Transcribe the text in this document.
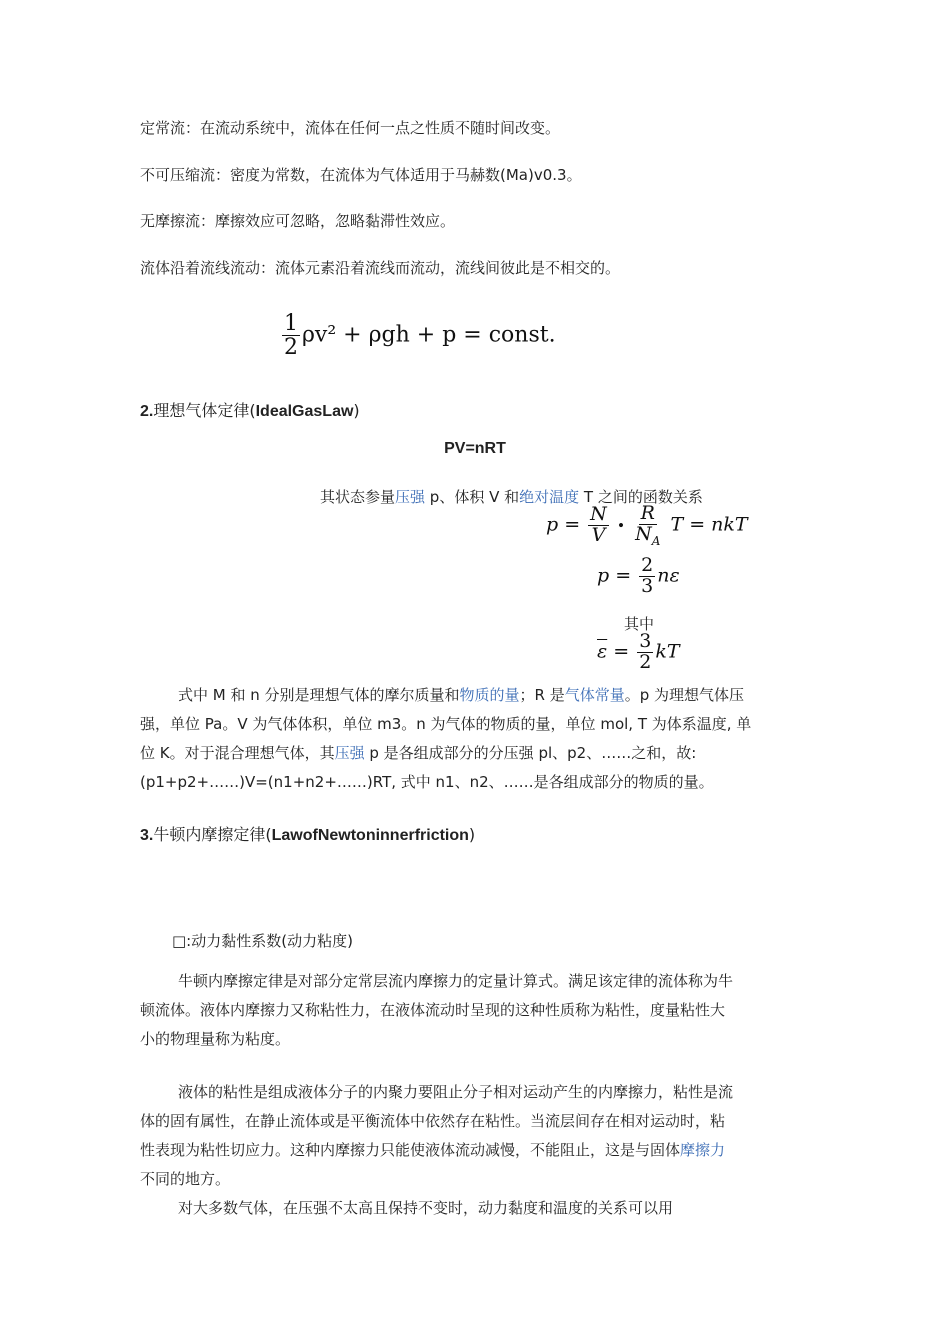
定常流：在流动系统中，流体在任何一点之性质不随时间改变。
不可压缩流：密度为常数，在流体为气体适用于马赫数(Ma)v0.3。
无摩擦流：摩擦效应可忽略，忽略黏滞性效应。
流体沿着流线流动：流体元素沿着流线而流动，流线间彼此是不相交的。
$\frac{1}{2} \rho v^2 + \rho gh + p$ = const.
2.理想气体定律(IdealGasLaw)
PV=nRT
其状态参量压强 p、体积 V 和绝对温度 T 之间的函数关系
$p = \frac{N}{V}$ • $\frac{R}{N_A}$ T = nkT
$p = \frac{2}{3}$ nε
其中
$\overline{\varepsilon} = \frac{3}{2}$ kT
式中 M 和 n 分别是理想气体的摩尔质量和物质的量；R 是气体常量。p 为理想气体压
强，单位 Pa。V 为气体体积，单位 m3。n 为气体的物质的量，单位 mol, T 为体系温度, 单
位 K。对于混合理想气体，其压强 p 是各组成部分的分压强 pl、p2、……之和，故:
(p1+p2+……)V=(n1+n2+……)RT, 式中 n1、n2、……是各组成部分的物质的量。
3.牛顿内摩擦定律(LawofNewtoninnerfriction)
□:动力黏性系数(动力粘度)
牛顿内摩擦定律是对部分定常层流内摩擦力的定量计算式。满足该定律的流体称为牛
顿流体。液体内摩擦力又称粘性力，在液体流动时呈现的这种性质称为粘性，度量粘性大
小的物理量称为粘度。
液体的粘性是组成液体分子的内聚力要阻止分子相对运动产生的内摩擦力，粘性是流
体的固有属性，在静止流体或是平衡流体中依然存在粘性。当流层间存在相对运动时，粘
性表现为粘性切应力。这种内摩擦力只能使液体流动减慢，不能阻止，这是与固体摩擦力
不同的地方。
对大多数气体，在压强不太高且保持不变时，动力黏度和温度的关系可以用
